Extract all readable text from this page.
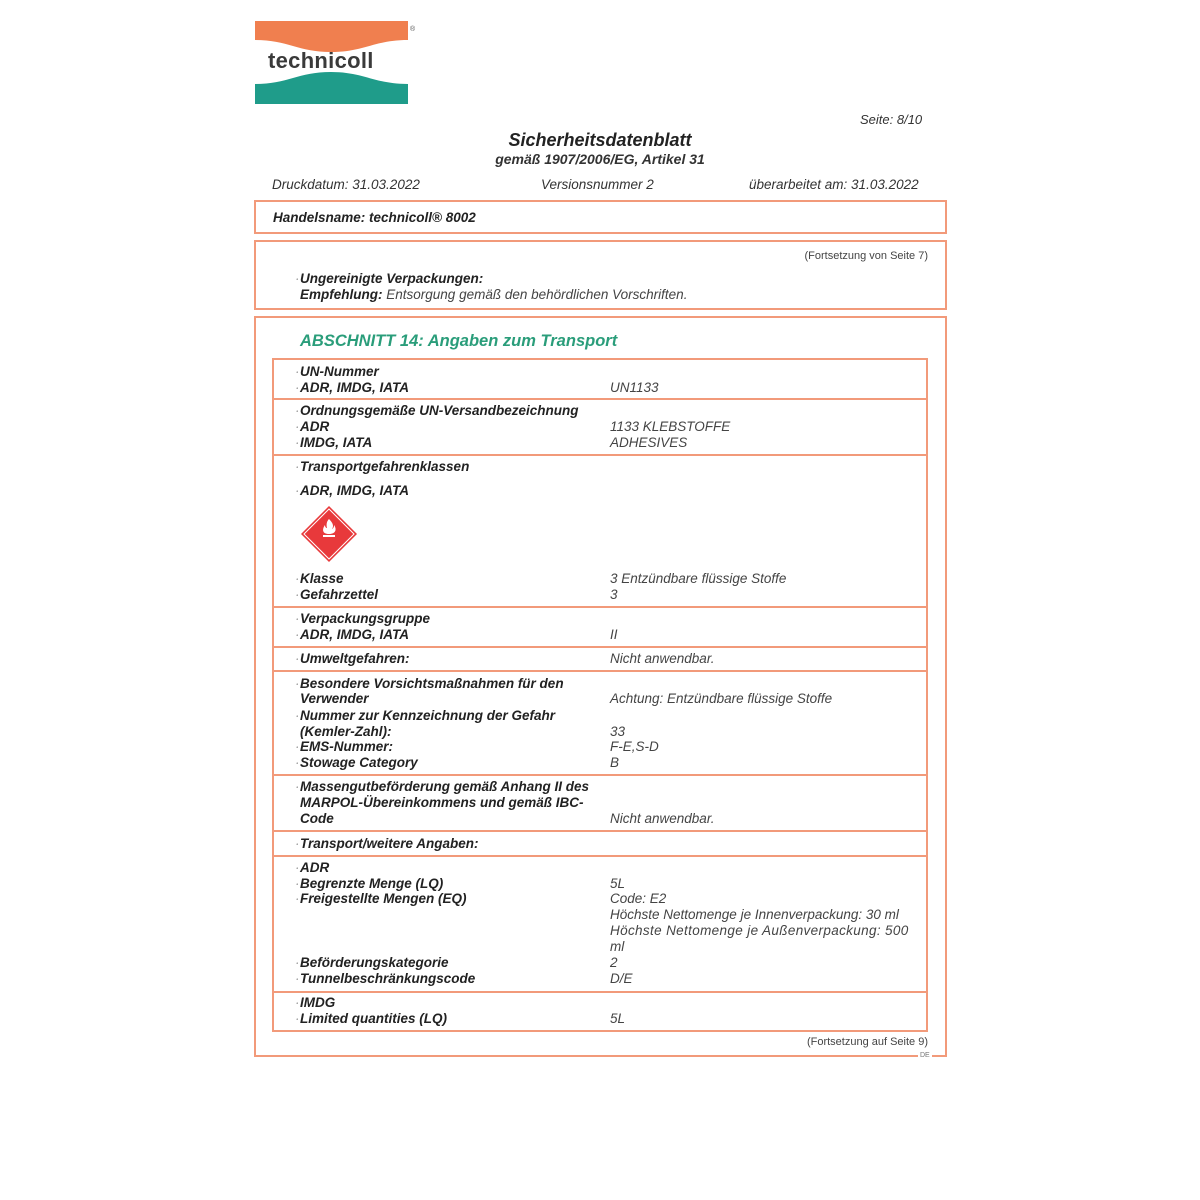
technicoll
®
Seite: 8/10
Sicherheitsdatenblatt
gemäß 1907/2006/EG, Artikel 31
Druckdatum: 31.03.2022	Versionsnummer 2	überarbeitet am: 31.03.2022
Handelsname: technicoll® 8002
(Fortsetzung von Seite 7)
· Ungereinigte Verpackungen:
Empfehlung: Entsorgung gemäß den behördlichen Vorschriften.
ABSCHNITT 14: Angaben zum Transport
· UN-Nummer
· ADR, IMDG, IATA	UN1133
· Ordnungsgemäße UN-Versandbezeichnung
· ADR	1133 KLEBSTOFFE
· IMDG, IATA	ADHESIVES
· Transportgefahrenklassen
· ADR, IMDG, IATA
· Klasse	3 Entzündbare flüssige Stoffe
· Gefahrzettel	3
· Verpackungsgruppe
· ADR, IMDG, IATA	II
· Umweltgefahren:	Nicht anwendbar.
· Besondere Vorsichtsmaßnahmen für den
Verwender	Achtung: Entzündbare flüssige Stoffe
· Nummer zur Kennzeichnung der Gefahr
(Kemler-Zahl):	33
· EMS-Nummer:	F-E,S-D
· Stowage Category	B
· Massengutbeförderung gemäß Anhang II des
MARPOL-Übereinkommens und gemäß IBC-
Code	Nicht anwendbar.
· Transport/weitere Angaben:
· ADR
· Begrenzte Menge (LQ)	5L
· Freigestellte Mengen (EQ)	Code: E2
Höchste Nettomenge je Innenverpackung: 30 ml
Höchste Nettomenge je Außenverpackung: 500
ml
· Beförderungskategorie	2
· Tunnelbeschränkungscode	D/E
· IMDG
· Limited quantities (LQ)	5L
(Fortsetzung auf Seite 9)
DE
